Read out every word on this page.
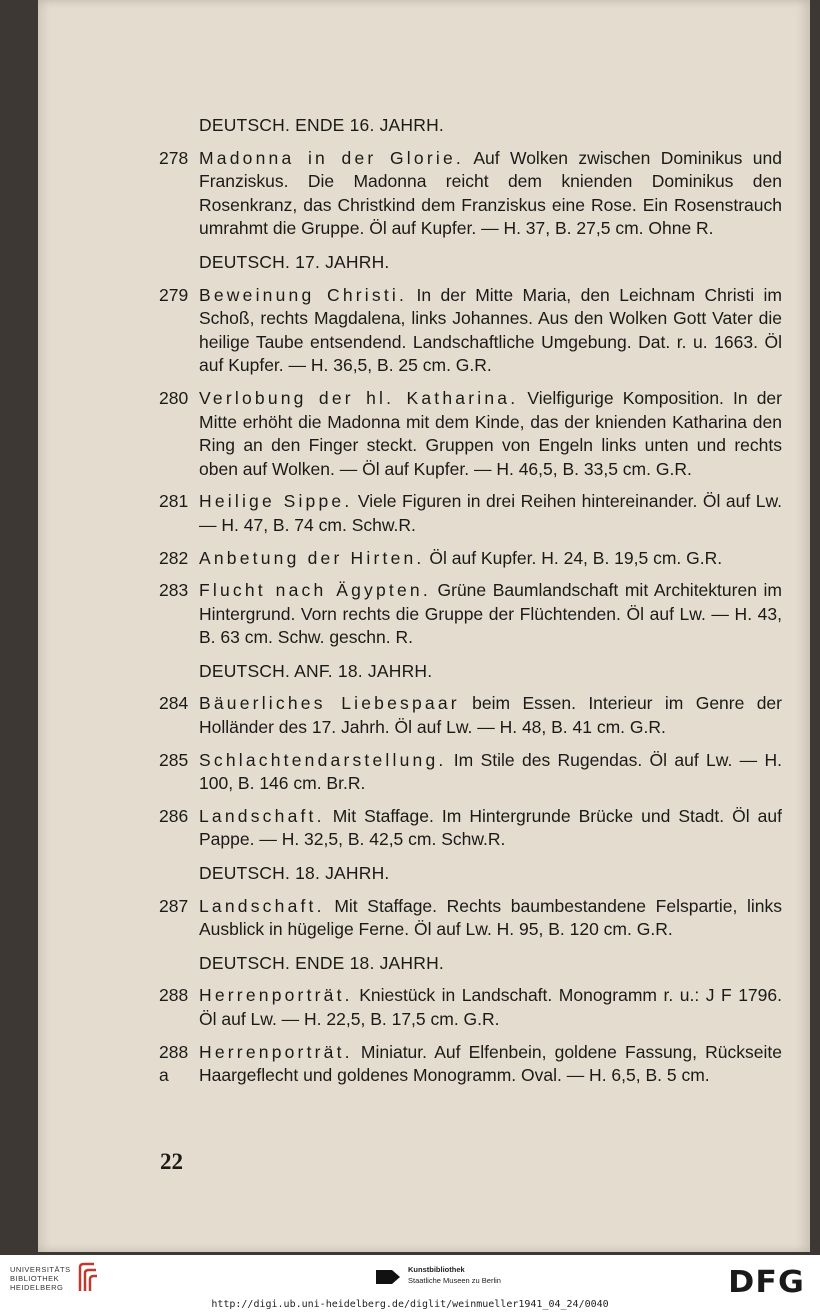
DEUTSCH. ENDE 16. JAHRH.
278 Madonna in der Glorie. Auf Wolken zwischen Dominikus und Franziskus. Die Madonna reicht dem knienden Dominikus den Rosenkranz, das Christkind dem Franziskus eine Rose. Ein Rosenstrauch umrahmt die Gruppe. Öl auf Kupfer. — H. 37, B. 27,5 cm. Ohne R.
DEUTSCH. 17. JAHRH.
279 Beweinung Christi. In der Mitte Maria, den Leichnam Christi im Schoß, rechts Magdalena, links Johannes. Aus den Wolken Gott Vater die heilige Taube entsendend. Landschaftliche Umgebung. Dat. r. u. 1663. Öl auf Kupfer. — H. 36,5, B. 25 cm. G.R.
280 Verlobung der hl. Katharina. Vielfigurige Komposition. In der Mitte erhöht die Madonna mit dem Kinde, das der knienden Katharina den Ring an den Finger steckt. Gruppen von Engeln links unten und rechts oben auf Wolken. — Öl auf Kupfer. — H. 46,5, B. 33,5 cm. G.R.
281 Heilige Sippe. Viele Figuren in drei Reihen hintereinander. Öl auf Lw. — H. 47, B. 74 cm. Schw.R.
282 Anbetung der Hirten. Öl auf Kupfer. H. 24, B. 19,5 cm. G.R.
283 Flucht nach Ägypten. Grüne Baumlandschaft mit Architekturen im Hintergrund. Vorn rechts die Gruppe der Flüchtenden. Öl auf Lw. — H. 43, B. 63 cm. Schw. geschn. R.
DEUTSCH. ANF. 18. JAHRH.
284 Bäuerliches Liebespaar beim Essen. Interieur im Genre der Holländer des 17. Jahrh. Öl auf Lw. — H. 48, B. 41 cm. G.R.
285 Schlachtendarstellung. Im Stile des Rugendas. Öl auf Lw. — H. 100, B. 146 cm. Br.R.
286 Landschaft. Mit Staffage. Im Hintergrunde Brücke und Stadt. Öl auf Pappe. — H. 32,5, B. 42,5 cm. Schw.R.
DEUTSCH. 18. JAHRH.
287 Landschaft. Mit Staffage. Rechts baumbestandene Felspartie, links Ausblick in hügelige Ferne. Öl auf Lw. H. 95, B. 120 cm. G.R.
DEUTSCH. ENDE 18. JAHRH.
288 Herrenporträt. Kniestück in Landschaft. Monogramm r. u.: J F 1796. Öl auf Lw. — H. 22,5, B. 17,5 cm. G.R.
288 a
Herrenporträt. Miniatur. Auf Elfenbein, goldene Fassung, Rückseite Haargeflecht und goldenes Monogramm. Oval. — H. 6,5, B. 5 cm.
22
UNIVERSITÄTS
BIBLIOTHEK
HEIDELBERG
Kunstbibliothek
Staatliche Museen zu Berlin	DFG
http://digi.ub.uni-heidelberg.de/diglit/weinmueller1941_04_24/0040
